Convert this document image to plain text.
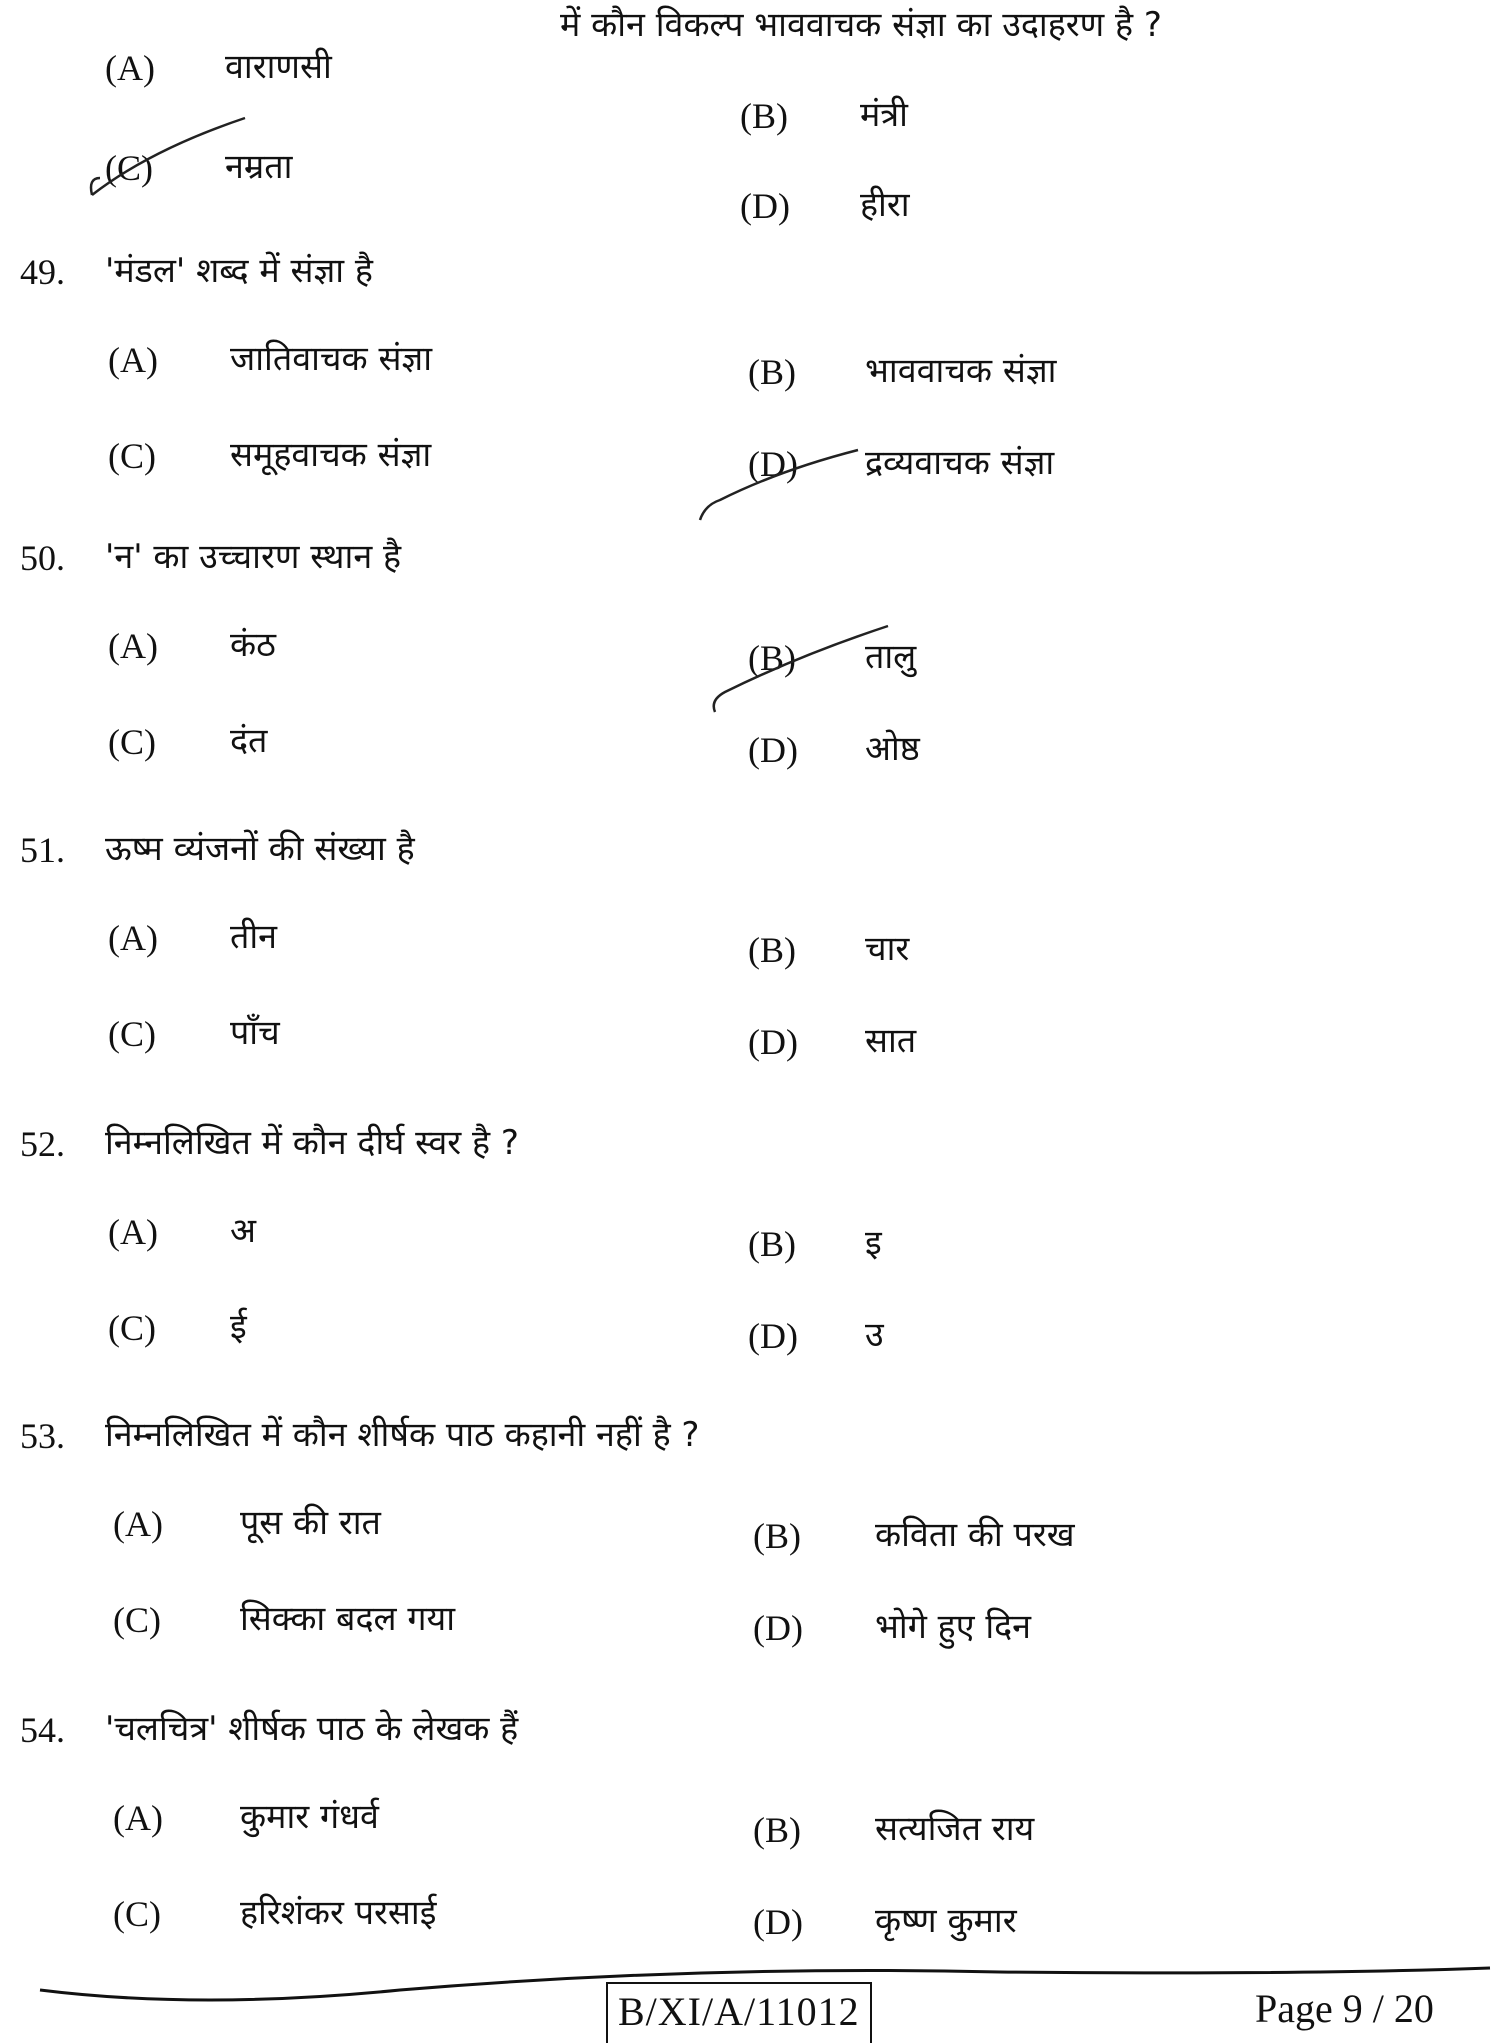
में कौन विकल्प भाववाचक संज्ञा का उदाहरण है ?
(A) वाराणसी
(B) मंत्री
(C) नम्रता
(D) हीरा
49. 'मंडल' शब्द में संज्ञा है
(A) जातिवाचक संज्ञा	(B) भाववाचक संज्ञा
(C) समूहवाचक संज्ञा	(D) द्रव्यवाचक संज्ञा
50. 'न' का उच्चारण स्थान है
(A) कंठ	(B) तालु
(C) दंत	(D) ओष्ठ
51. ऊष्म व्यंजनों की संख्या है
(A) तीन	(B) चार
(C) पाँच	(D) सात
52. निम्नलिखित में कौन दीर्घ स्वर है ?
(A) अ	(B) इ
(C) ई	(D) उ
53. निम्नलिखित में कौन शीर्षक पाठ कहानी नहीं है ?
(A) पूस की रात	(B) कविता की परख
(C) सिक्का बदल गया	(D) भोगे हुए दिन
54. 'चलचित्र' शीर्षक पाठ के लेखक हैं
(A) कुमार गंधर्व	(B) सत्यजित राय
(C) हरिशंकर परसाई	(D) कृष्ण कुमार
B/XI/A/11012	Page 9 / 20
